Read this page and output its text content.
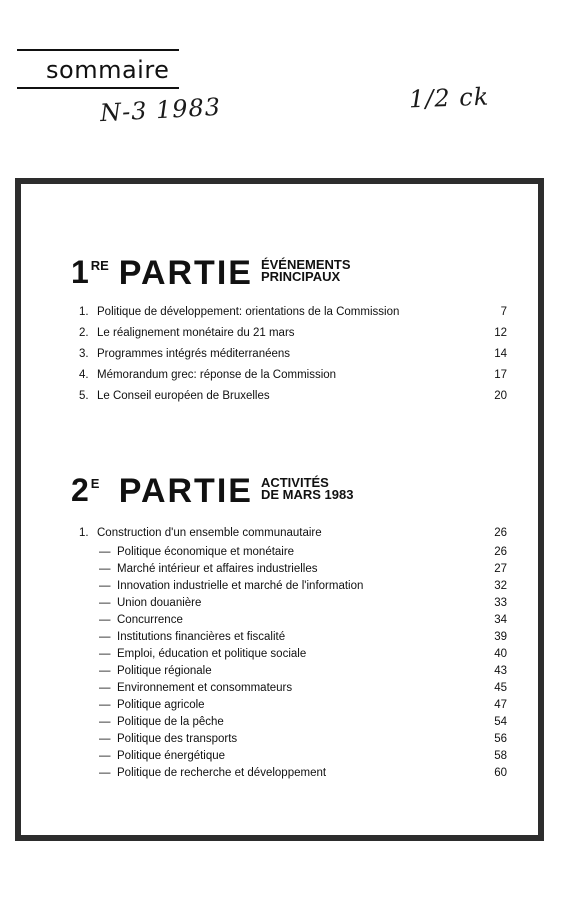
sommaire
N-3 1983	1/2 ck
1 RE PARTIE ÉVÉNEMENTS
PRINCIPAUX
1. Politique de développement: orientations de la Commission	7
2. Le réalignement monétaire du 21 mars	12
3. Programmes intégrés méditerranéens	14
4. Mémorandum grec: réponse de la Commission	17
5. Le Conseil européen de Bruxelles	20
2 E PARTIE ACTIVITÉS
DE MARS 1983
1. Construction d'un ensemble communautaire	26
— Politique économique et monétaire	26
— Marché intérieur et affaires industrielles	27
— Innovation industrielle et marché de l'information	32
— Union douanière	33
— Concurrence	34
— Institutions financières et fiscalité	39
— Emploi, éducation et politique sociale	40
— Politique régionale	43
— Environnement et consommateurs	45
— Politique agricole	47
— Politique de la pêche	54
— Politique des transports	56
— Politique énergétique	58
— Politique de recherche et développement	60
